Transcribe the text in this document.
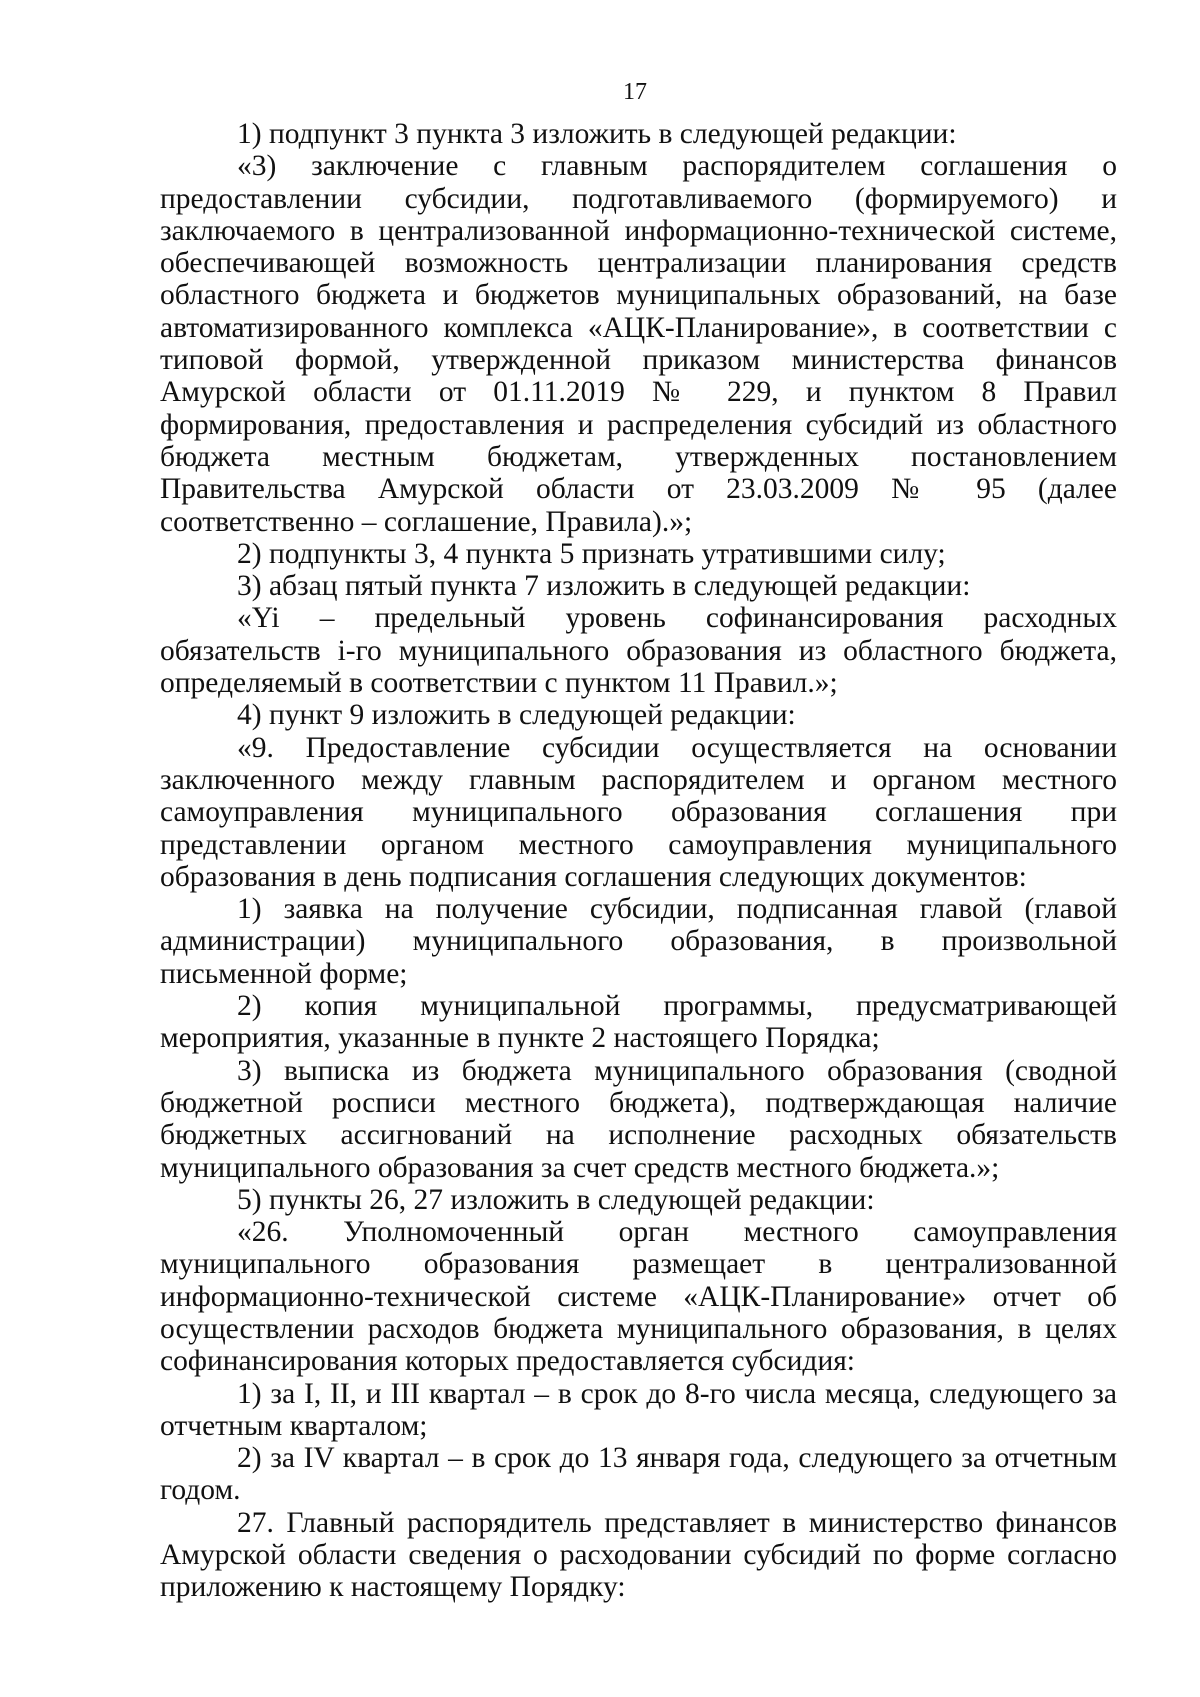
17

1) подпункт 3 пункта 3 изложить в следующей редакции:

«3) заключение с главным распорядителем соглашения о предоставлении субсидии, подготавливаемого (формируемого) и заключаемого в централизованной информационно-технической системе, обеспечивающей возможность централизации планирования средств областного бюджета и бюджетов муниципальных образований, на базе автоматизированного комплекса «АЦК-Планирование», в соответствии с типовой формой, утвержденной приказом министерства финансов Амурской области от 01.11.2019 № 229, и пунктом 8 Правил формирования, предоставления и распределения субсидий из областного бюджета местным бюджетам, утвержденных постановлением Правительства Амурской области от 23.03.2009 № 95 (далее соответственно – соглашение, Правила).»;

2) подпункты 3, 4 пункта 5 признать утратившими силу;

3) абзац пятый пункта 7 изложить в следующей редакции:

«Yi – предельный уровень софинансирования расходных обязательств i-го муниципального образования из областного бюджета, определяемый в соответствии с пунктом 11 Правил.»;

4) пункт 9 изложить в следующей редакции:

«9. Предоставление субсидии осуществляется на основании заключенного между главным распорядителем и органом местного самоуправления муниципального образования соглашения при представлении органом местного самоуправления муниципального образования в день подписания соглашения следующих документов:

1) заявка на получение субсидии, подписанная главой (главой администрации) муниципального образования, в произвольной письменной форме;

2) копия муниципальной программы, предусматривающей мероприятия, указанные в пункте 2 настоящего Порядка;

3) выписка из бюджета муниципального образования (сводной бюджетной росписи местного бюджета), подтверждающая наличие бюджетных ассигнований на исполнение расходных обязательств муниципального образования за счет средств местного бюджета.»;

5) пункты 26, 27 изложить в следующей редакции:

«26. Уполномоченный орган местного самоуправления муниципального образования размещает в централизованной информационно-технической системе «АЦК-Планирование» отчет об осуществлении расходов бюджета муниципального образования, в целях софинансирования которых предоставляется субсидия:

1) за I, II, и III квартал – в срок до 8-го числа месяца, следующего за отчетным кварталом;

2) за IV квартал – в срок до 13 января года, следующего за отчетным годом.

27. Главный распорядитель представляет в министерство финансов Амурской области сведения о расходовании субсидий по форме согласно приложению к настоящему Порядку:
